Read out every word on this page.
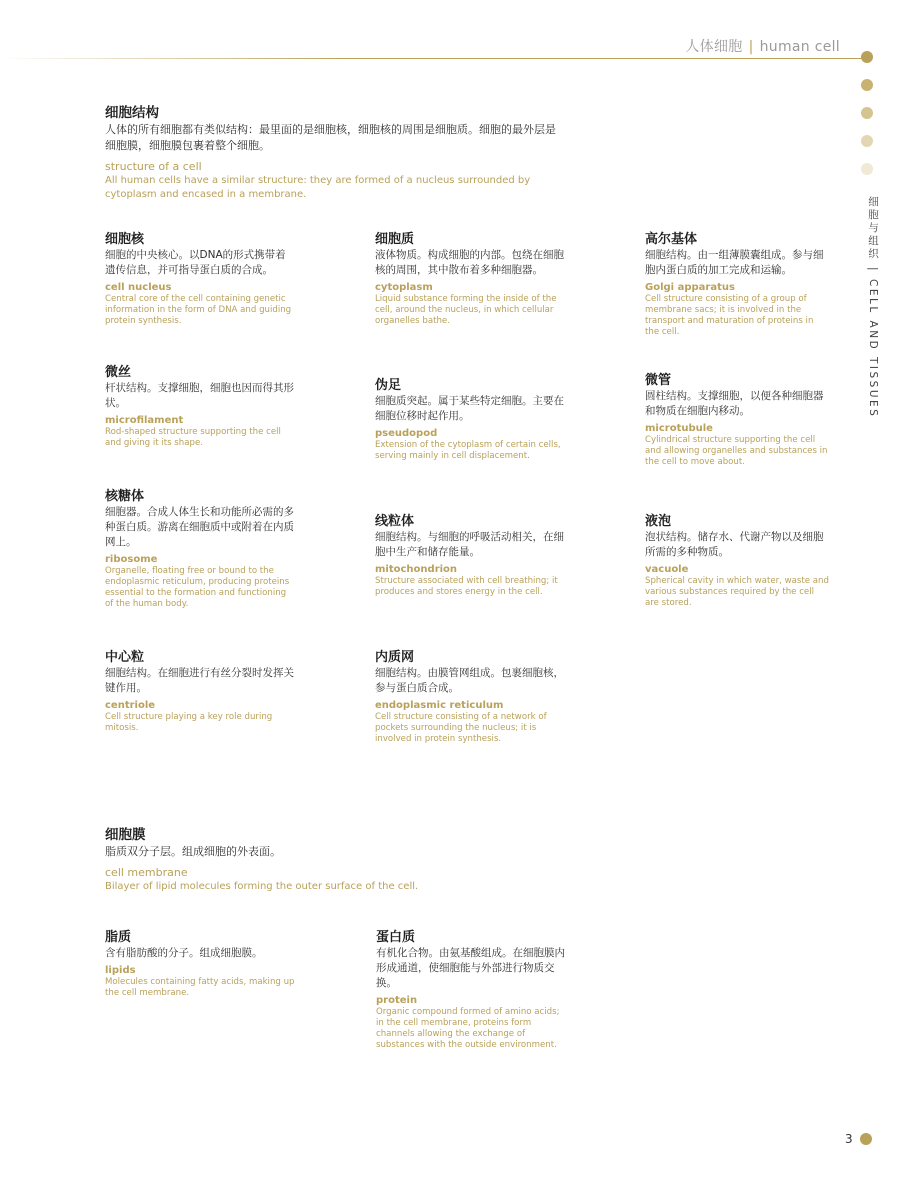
人体细胞 | human cell
细胞与组织|CELL AND TISSUES
细胞结构
人体的所有细胞都有类似结构：最里面的是细胞核，细胞核的周围是细胞质。细胞的最外层是细胞膜，细胞膜包裹着整个细胞。
structure of a cell
All human cells have a similar structure: they are formed of a nucleus surrounded by cytoplasm and encased in a membrane.
细胞核
细胞的中央核心。以DNA的形式携带着遗传信息，并可指导蛋白质的合成。
cell nucleus
Central core of the cell containing genetic information in the form of DNA and guiding protein synthesis.
细胞质
液体物质。构成细胞的内部。包绕在细胞核的周围，其中散布着多种细胞器。
cytoplasm
Liquid substance forming the inside of the cell, around the nucleus, in which cellular organelles bathe.
高尔基体
细胞结构。由一组薄膜囊组成。参与细胞内蛋白质的加工完成和运输。
Golgi apparatus
Cell structure consisting of a group of membrane sacs; it is involved in the transport and maturation of proteins in the cell.
微丝
杆状结构。支撑细胞，细胞也因而得其形状。
microfilament
Rod-shaped structure supporting the cell and giving it its shape.
伪足
细胞质突起。属于某些特定细胞。主要在细胞位移时起作用。
pseudopod
Extension of the cytoplasm of certain cells, serving mainly in cell displacement.
微管
圆柱结构。支撑细胞，以便各种细胞器和物质在细胞内移动。
microtubule
Cylindrical structure supporting the cell and allowing organelles and substances in the cell to move about.
核糖体
细胞器。合成人体生长和功能所必需的多种蛋白质。游离在细胞质中或附着在内质网上。
ribosome
Organelle, floating free or bound to the endoplasmic reticulum, producing proteins essential to the formation and functioning of the human body.
线粒体
细胞结构。与细胞的呼吸活动相关，在细胞中生产和储存能量。
mitochondrion
Structure associated with cell breathing; it produces and stores energy in the cell.
液泡
泡状结构。储存水、代谢产物以及细胞所需的多种物质。
vacuole
Spherical cavity in which water, waste and various substances required by the cell are stored.
中心粒
细胞结构。在细胞进行有丝分裂时发挥关键作用。
centriole
Cell structure playing a key role during mitosis.
内质网
细胞结构。由膜管网组成。包裹细胞核，参与蛋白质合成。
endoplasmic reticulum
Cell structure consisting of a network of pockets surrounding the nucleus; it is involved in protein synthesis.
细胞膜
脂质双分子层。组成细胞的外表面。
cell membrane
Bilayer of lipid molecules forming the outer surface of the cell.
脂质
含有脂肪酸的分子。组成细胞膜。
lipids
Molecules containing fatty acids, making up the cell membrane.
蛋白质
有机化合物。由氨基酸组成。在细胞膜内形成通道，使细胞能与外部进行物质交换。
protein
Organic compound formed of amino acids; in the cell membrane, proteins form channels allowing the exchange of substances with the outside environment.
3
